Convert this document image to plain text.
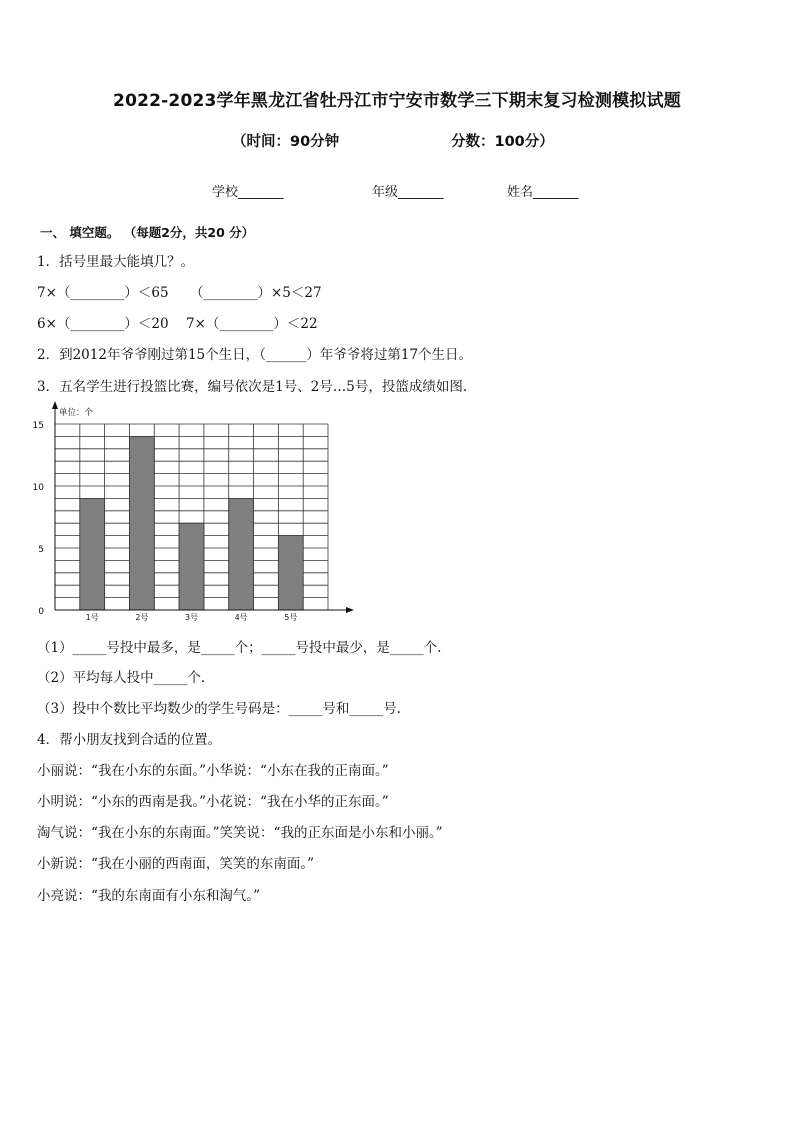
2022-2023学年黑龙江省牡丹江市宁安市数学三下期末复习检测模拟试题
（时间：90分钟	分数：100分）
学校_______	年级_______	姓名_______
一、 填空题。 （每题2分，共20 分）
1．括号里最大能填几？。
7×（________）＜65 （________）×5＜27
6×（________）＜20 7×（________）＜22
2．到2012年爷爷刚过第15个生日，（______）年爷爷将过第17个生日。
3．五名学生进行投篮比赛，编号依次是1号、2号…5号，投篮成绩如图.
1号	2号	3号	4号	5号
0
5
10
15
单位：个
（1）_____号投中最多，是_____个；_____号投中最少，是_____个.
（2）平均每人投中_____个.
（3）投中个数比平均数少的学生号码是：_____号和_____号.
4．帮小朋友找到合适的位置。
小丽说：“我在小东的东面。”小华说：“小东在我的正南面。”
小明说：“小东的西南是我。”小花说：“我在小华的正东面。”
淘气说：“我在小东的东南面。”笑笑说：“我的正东面是小东和小丽。”
小新说：“我在小丽的西南面，笑笑的东南面。”
小亮说：“我的东南面有小东和淘气。”
